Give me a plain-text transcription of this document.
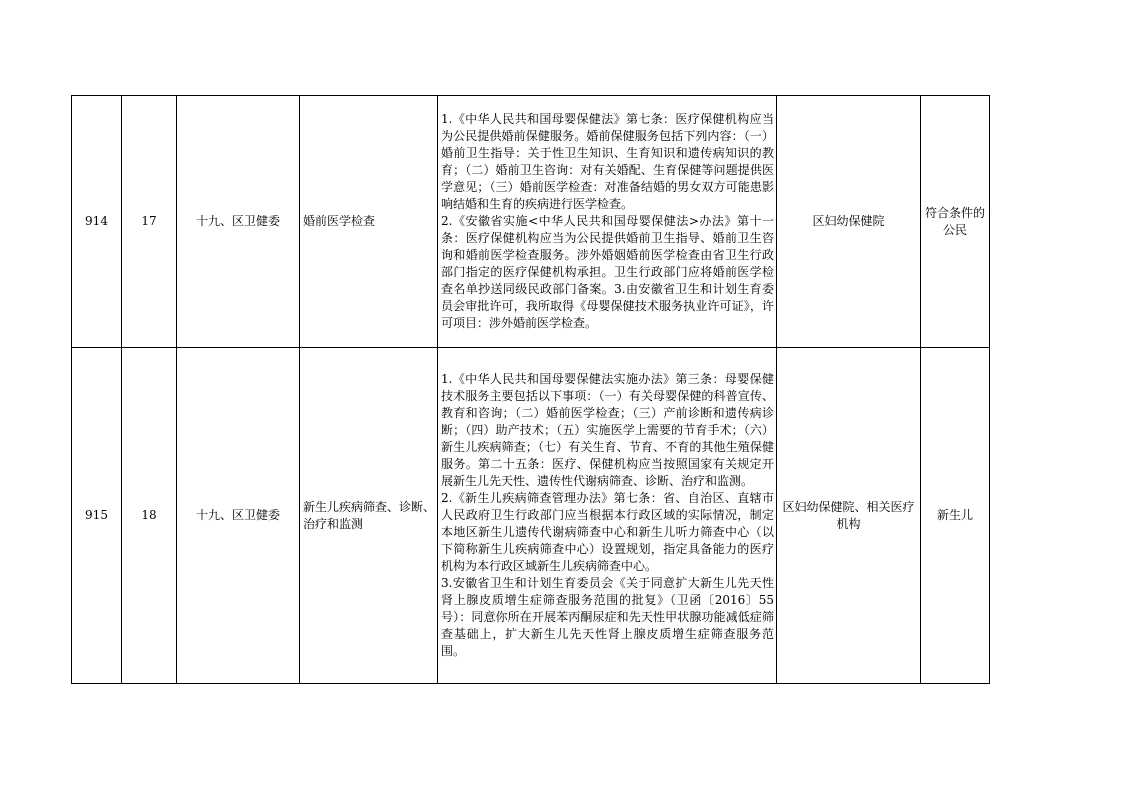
914	17	十九、区卫健委	婚前医学检查	1.《中华人民共和国母婴保健法》第七条：医疗保健机构应当为公民提供婚前保健服务。婚前保健服务包括下列内容：（一）婚前卫生指导：关于性卫生知识、生育知识和遗传病知识的教育；（二）婚前卫生咨询：对有关婚配、生育保健等问题提供医学意见；（三）婚前医学检查：对准备结婚的男女双方可能患影响结婚和生育的疾病进行医学检查。
2.《安徽省实施<中华人民共和国母婴保健法>办法》第十一条：医疗保健机构应当为公民提供婚前卫生指导、婚前卫生咨询和婚前医学检查服务。涉外婚姻婚前医学检查由省卫生行政部门指定的医疗保健机构承担。卫生行政部门应将婚前医学检查名单抄送同级民政部门备案。3.由安徽省卫生和计划生育委员会审批许可，我所取得《母婴保健技术服务执业许可证》，许可项目：涉外婚前医学检查。	区妇幼保健院	符合条件的公民
915	18	十九、区卫健委	新生儿疾病筛查、诊断、治疗和监测	1.《中华人民共和国母婴保健法实施办法》第三条：母婴保健技术服务主要包括以下事项：（一）有关母婴保健的科普宣传、教育和咨询；（二）婚前医学检查；（三）产前诊断和遗传病诊断；（四）助产技术；（五）实施医学上需要的节育手术；（六）新生儿疾病筛查；（七）有关生育、节育、不育的其他生殖保健服务。第二十五条：医疗、保健机构应当按照国家有关规定开展新生儿先天性、遗传性代谢病筛查、诊断、治疗和监测。
2.《新生儿疾病筛查管理办法》第七条：省、自治区、直辖市人民政府卫生行政部门应当根据本行政区域的实际情况，制定本地区新生儿遗传代谢病筛查中心和新生儿听力筛查中心（以下简称新生儿疾病筛查中心）设置规划，指定具备能力的医疗机构为本行政区域新生儿疾病筛查中心。
3.安徽省卫生和计划生育委员会《关于同意扩大新生儿先天性肾上腺皮质增生症筛查服务范围的批复》（卫函〔2016〕55号）：同意你所在开展苯丙酮尿症和先天性甲状腺功能减低症筛查基础上，扩大新生儿先天性肾上腺皮质增生症筛查服务范围。	区妇幼保健院、相关医疗机构	新生儿
